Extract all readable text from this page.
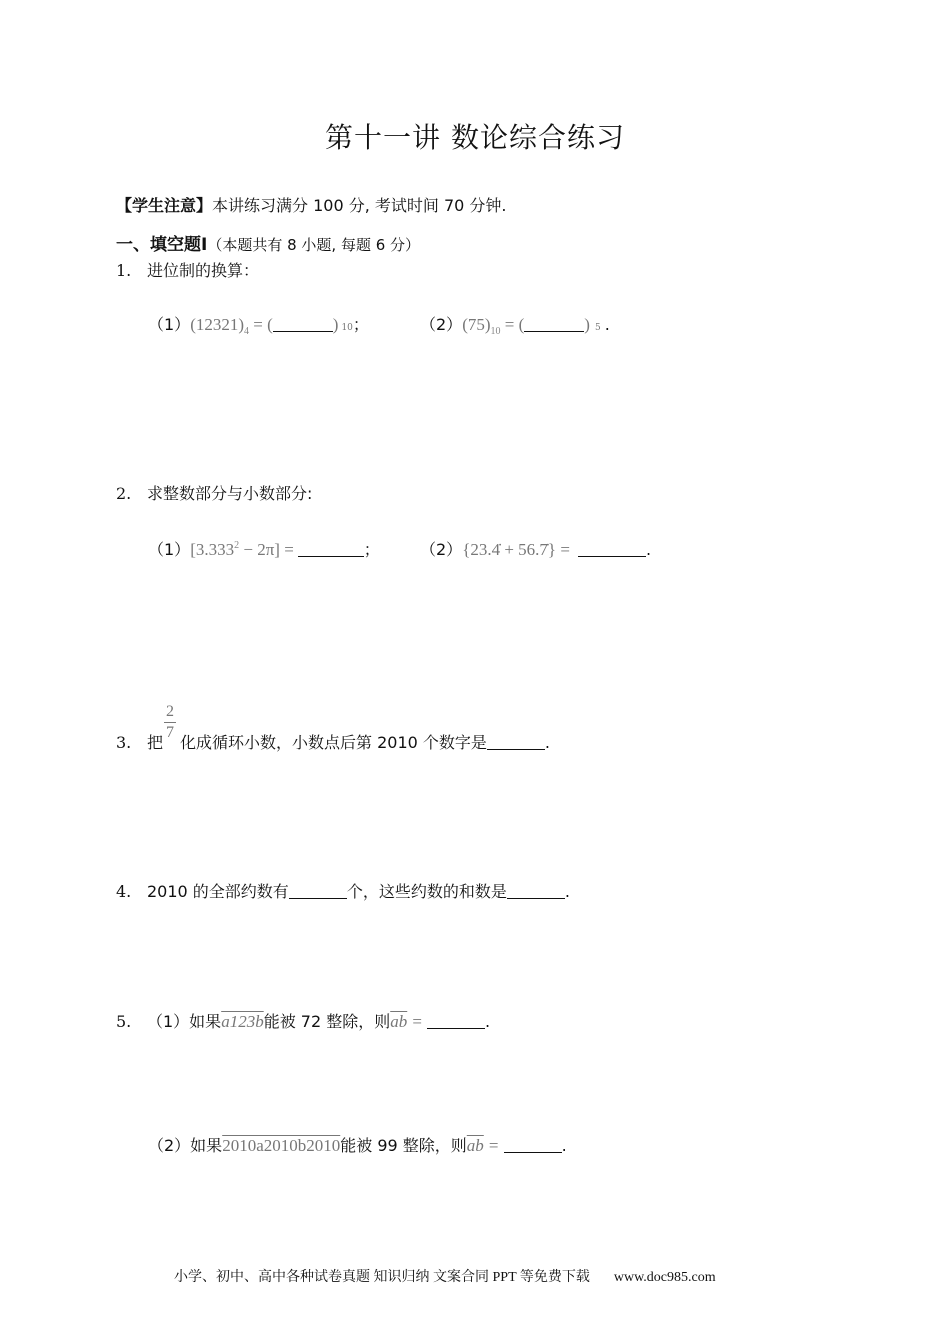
第十一讲 数论综合练习
【学生注意】本讲练习满分 100 分, 考试时间 70 分钟.
一、填空题Ⅰ（本题共有 8 小题, 每题 6 分）
1. 进位制的换算：
$(1)(12321)_4$ = (	) 10；	$(2)(75)_{10}$ = (	) 5 .
2. 求整数部分与小数部分:
$(1)[3.333^2 - 2\pi]$ =	；	（2）{23.4̇ + 56.7̇} =	.
3. 把
$\frac{2}{7}$
化成循环小数，小数点后第 2010 个数字是	.
4. 2010 的全部约数有	个，这些约数的和数是	.
5. （1）如果a123b能被 72 整除，则$\overline{ab}$ =	.
（2）如果2010a2010b2010能被 99 整除，则$\overline{ab}$ =	.
小学、初中、高中各种试卷真题 知识归纳 文案合同 PPT 等免费下载 www.doc985.com
